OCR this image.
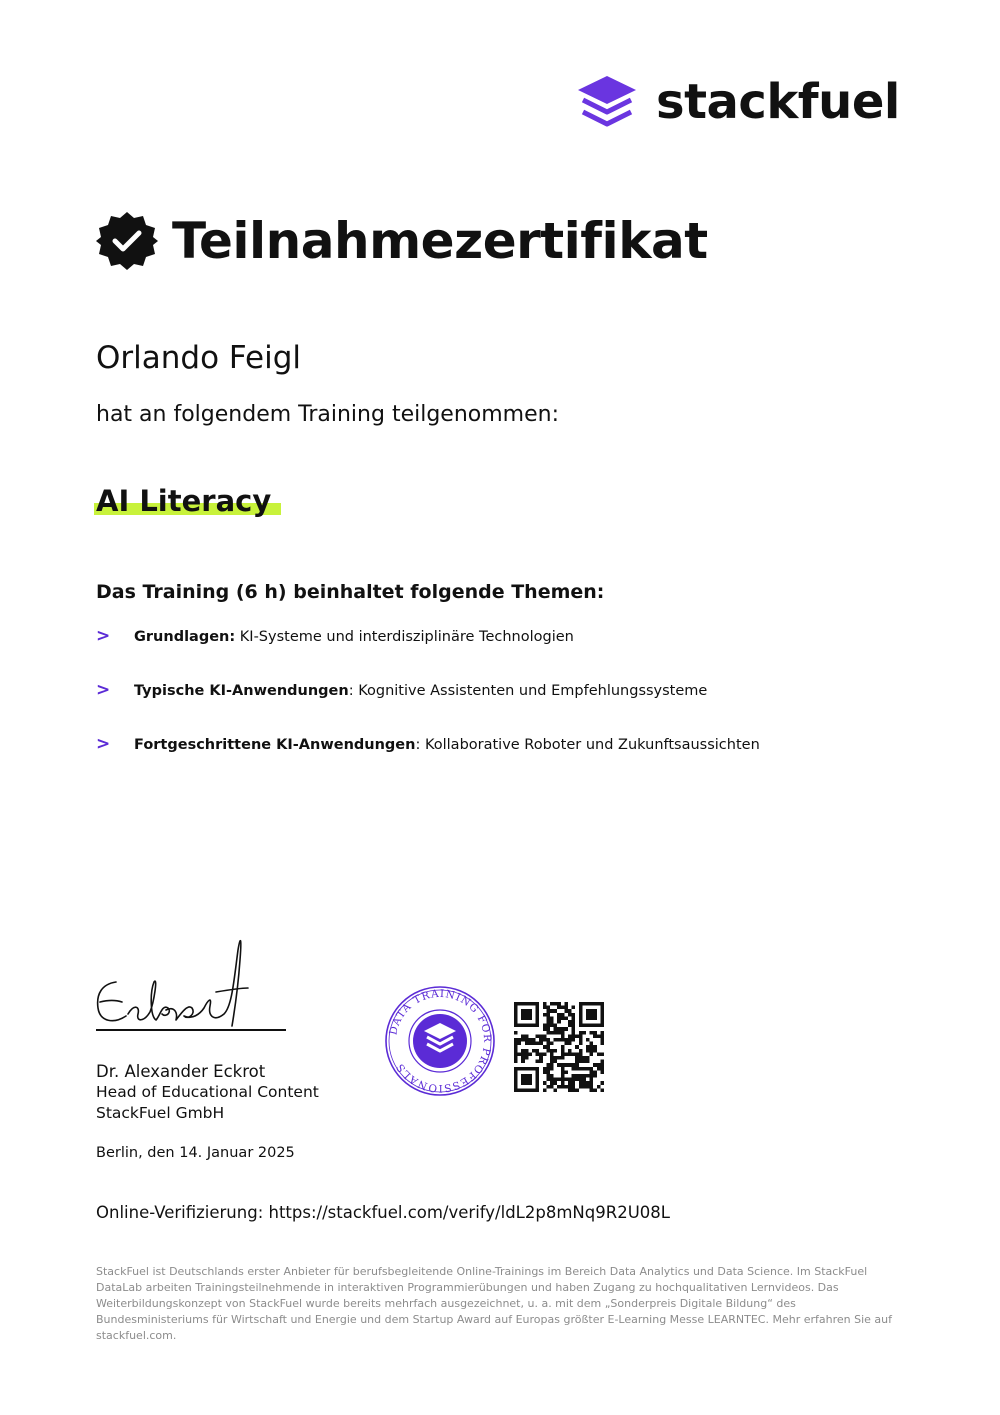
stackfuel
Teilnahmezertifikat
Orlando Feigl
hat an folgendem Training teilgenommen:
AI Literacy
Das Training (6 h) beinhaltet folgende Themen:
>	Grundlagen: KI-Systeme und interdisziplinäre Technologien
>	Typische KI-Anwendungen: Kognitive Assistenten und Empfehlungssysteme
>	Fortgeschrittene KI-Anwendungen: Kollaborative Roboter und Zukunftsaussichten
Dr. Alexander Eckrot
Head of Educational Content
StackFuel GmbH
Berlin, den 14. Januar 2025
DATA TRAINING FOR PROFESSIONALS
Online-Verifizierung: https://stackfuel.com/verify/ldL2p8mNq9R2U08L
StackFuel ist Deutschlands erster Anbieter für berufsbegleitende Online-Trainings im Bereich Data Analytics und Data Science. Im StackFuel DataLab arbeiten Trainingsteilnehmende in interaktiven Programmierübungen und haben Zugang zu hochqualitativen Lernvideos. Das Weiterbildungskonzept von StackFuel wurde bereits mehrfach ausgezeichnet, u. a. mit dem „Sonderpreis Digitale Bildung“ des Bundesministeriums für Wirtschaft und Energie und dem Startup Award auf Europas größter E-Learning Messe LEARNTEC. Mehr erfahren Sie auf stackfuel.com.
